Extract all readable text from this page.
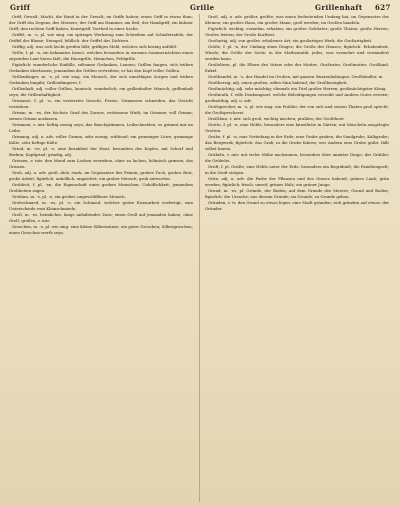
Griff	Grille	Grillenhaft 627

Griff, Gewalt, Macht, die Hand in der Gewalt; im Griffe haben; einen Griff in etwas thun; der Griff des Degens, des Messers; der Griff am Hammer, am Beil; der Handgriff; ein kühner Griff; den rechten Griff haben; Kunstgriff, Vortheil in einer Sache.

Griffel, m. -s, pl. wie sing. ein spitziges Werkzeug zum Schreiben auf Schiefertafeln; der Griffel der Blume; Stempel; bildlich: der Griffel des Dichters.

Griffig, adj. was sich leicht greifen läßt; griffiges Mehl, welches sich körnig anfühlt.

Grille, f. pl. -n, ein bekanntes Insect, welches besonders in warmen Sommernächten einen zirpenden Laut hören läßt; die Hausgrille, Heimchen, Feldgrille.

Figürlich: wunderliche Einfälle, seltsame Gedanken, Launen; Grillen fangen, sich trüben Gedanken überlassen; jemandem die Grillen vertreiben; er hat den Kopf voller Grillen.

Grillenfänger, m. -s, pl. wie sing. ein Mensch, der sich unnöthigen Sorgen und trüben Gedanken hingibt; Grillenfängerei, f.

Grillenhaft, adj. voller Grillen, launisch, wunderlich; ein grillenhafter Mensch; grillenhaft seyn; die Grillenhaftigkeit.

Grimasse, f. pl. -n, ein verzerrtes Gesicht, Fratze; Grimassen schneiden, das Gesicht verziehen.

Grimm, m. -es, der höchste Grad des Zornes, verbissene Wuth; im Grimme; voll Grimm; seinen Grimm auslassen.

Grimmen, v. intr. heftig zornig seyn; das Bauchgrimmen, Leibschneiden; es grimmt mir im Leibe.

Grimmig, adj. u. adv. voller Grimm, sehr zornig, wüthend; ein grimmiger Löwe; grimmige Kälte, sehr heftige Kälte.

Grind, m. -es, pl. -e, eine Krankheit der Haut, besonders des Kopfes, mit Schorf und Borken; Kopfgrind; grindig, adj.

Grinsen, v. intr. den Mund zum Lachen verziehen, ohne zu lachen; höhnisch grinsen; das Grinsen.

Grob, adj. u. adv. groß, dick, stark, im Gegensatze des Feinen; grobes Tuch, grobes Brot, grobe Arbeit; figürlich: unhöflich, ungesittet; ein grober Mensch; grob antworten.

Grobheit, f. pl. -en, die Eigenschaft eines groben Menschen; Unhöflichkeit; jemandem Grobheiten sagen.

Grobian, m. -s, pl. -e, ein grober, ungeschliffener Mensch.

Grobschmied, m. -es, pl. -e, ein Schmied, welcher grobe Eisenarbeit verfertigt, zum Unterschiede vom Kleinschmiede.

Groll, m. -es, heimlicher, lange anhaltender Zorn; einen Groll auf jemanden haben; ohne Groll; grollen, v. intr.

Groschen, m. -s, pl. wie sing. eine kleine Silbermünze; ein guter Groschen; Silbergroschen; einen Groschen werth seyn.

Groß, adj. u. adv. größer, größte; was einen bedeutenden Umfang hat, im Gegensatze des Kleinen; ein großes Haus, ein großer Mann; groß werden; im Großen handeln.

Figürlich: wichtig, vornehm, erhaben; ein großer Gelehrter; große Thaten; große Herren; Großes leisten; der Große Kurfürst.

Großartig, adj. von großer, erhabener Art; ein großartiges Werk; die Großartigkeit.

Größe, f. pl. -n, der Umfang eines Dinges; die Größe des Hauses; figürlich: Erhabenheit, Würde; die Größe der Seele; in der Mathematik: jedes, was vermehrt und vermindert werden kann.

Großeltern, pl. die Eltern des Vaters oder der Mutter; Großvater, Großmutter; Großkind, Enkel.

Großhandel, m. -s, der Handel im Großen, mit ganzen Waarenladungen; Großhändler, m.

Großherzig, adj. einen großen, edlen Sinn habend; die Großherzigkeit.

Großmächtig, adj. sehr mächtig; ehemals ein Titel großer Herren; großmächtigster König.

Großmuth, f. edle Denkungsart, welche Beleidigungen verzeiht und Andern Gutes erweist; großmüthig, adj. u. adv.

Großsprecher, m. -s, pl. wie sing. ein Prahler, der von sich und seinen Thaten groß spricht; die Großsprecherei.

Großthun, v. intr. sich groß, wichtig machen; prahlen; der Großthuer.

Grotte, f. pl. -n, eine Höhle, besonders eine künstliche in Gärten; mit Muscheln ausgelegte Grotten.

Grube, f. pl. -n, eine Vertiefung in der Erde; eine Grube graben; die Sandgrube, Kalkgrube; das Bergwerk; figürlich: das Grab; in die Grube fahren; wer Andern eine Grube gräbt, fällt selbst hinein.

Grübeln, v. intr. mit vieler Mühe nachsinnen, besonders über unnütze Dinge; der Grübler, die Grübelei.

Gruft, f. pl. Grüfte, eine Höhle unter der Erde, besonders ein Begräbniß; die Familiengruft; in die Gruft steigen.

Grün, adj. u. adv. die Farbe der Pflanzen und des Grases habend; grünes Laub; grün werden; figürlich: frisch, unreif; grünes Holz; ein grüner Junge.

Grund, m. -es, pl. Gründe, der Boden; auf dem Grunde des Meeres; Grund und Boden; figürlich: die Ursache; aus diesem Grunde; im Grunde; zu Grunde gehen.

Gründen, v. tr. den Grund zu etwas legen; eine Stadt gründen; sich gründen auf etwas; der Gründer.
